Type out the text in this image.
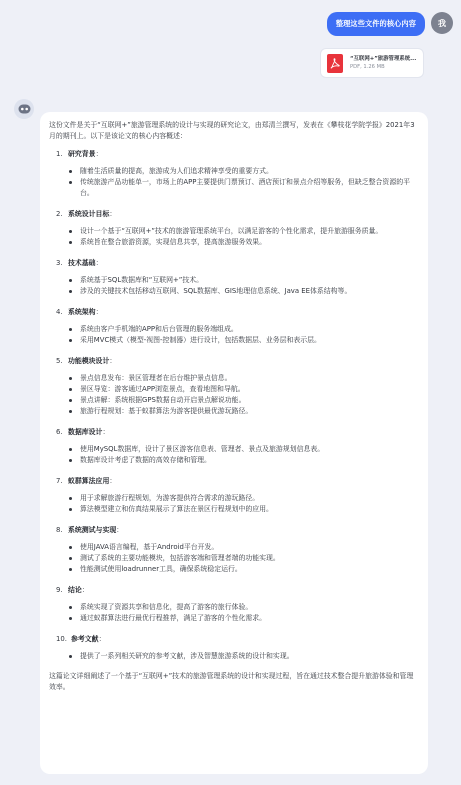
整理这些文件的核心内容	我
“互联网+”旅游管理系统...
PDF, 1.26 MB

这份文件是关于“互联网+”旅游管理系统的设计与实现的研究论文，由郑清兰撰写，发表在《攀枝花学院学报》2021年3月的期刊上。以下是该论文的核心内容概述：

1. 研究背景：
随着生活质量的提高，旅游成为人们追求精神享受的重要方式。
传统旅游产品功能单一，市场上的APP主要提供门票预订、酒店预订和景点介绍等服务，但缺乏整合资源的平台。
2. 系统设计目标：
设计一个基于“互联网+”技术的旅游管理系统平台，以满足游客的个性化需求，提升旅游服务质量。
系统旨在整合旅游资源，实现信息共享，提高旅游服务效果。
3. 技术基础：
系统基于SQL数据库和“互联网+”技术。
涉及的关键技术包括移动互联网、SQL数据库、GIS地理信息系统、Java EE体系结构等。
4. 系统架构：
系统由客户手机端的APP和后台管理的服务端组成。
采用MVC模式（模型-视图-控制器）进行设计，包括数据层、业务层和表示层。
5. 功能模块设计：
景点信息发布：景区管理者在后台维护景点信息。
景区导览：游客通过APP浏览景点，查看地图和导航。
景点讲解：系统根据GPS数据自动开启景点解说功能。
旅游行程规划：基于蚁群算法为游客提供最优游玩路径。
6. 数据库设计：
使用MySQL数据库，设计了景区游客信息表、管理者、景点及旅游规划信息表。
数据库设计考虑了数据的高效存储和管理。
7. 蚁群算法应用：
用于求解旅游行程规划，为游客提供符合需求的游玩路径。
算法模型建立和仿真结果展示了算法在景区行程规划中的应用。
8. 系统测试与实现：
使用JAVA语言编程，基于Android平台开发。
测试了系统的主要功能模块，包括游客端和管理者端的功能实现。
性能测试使用loadrunner工具，确保系统稳定运行。
9. 结论：
系统实现了资源共享和信息化，提高了游客的旅行体验。
通过蚁群算法进行最优行程推荐，满足了游客的个性化需求。
10. 参考文献：
提供了一系列相关研究的参考文献，涉及智慧旅游系统的设计和实现。

这篇论文详细阐述了一个基于“互联网+”技术的旅游管理系统的设计和实现过程，旨在通过技术整合提升旅游体验和管理效率。
